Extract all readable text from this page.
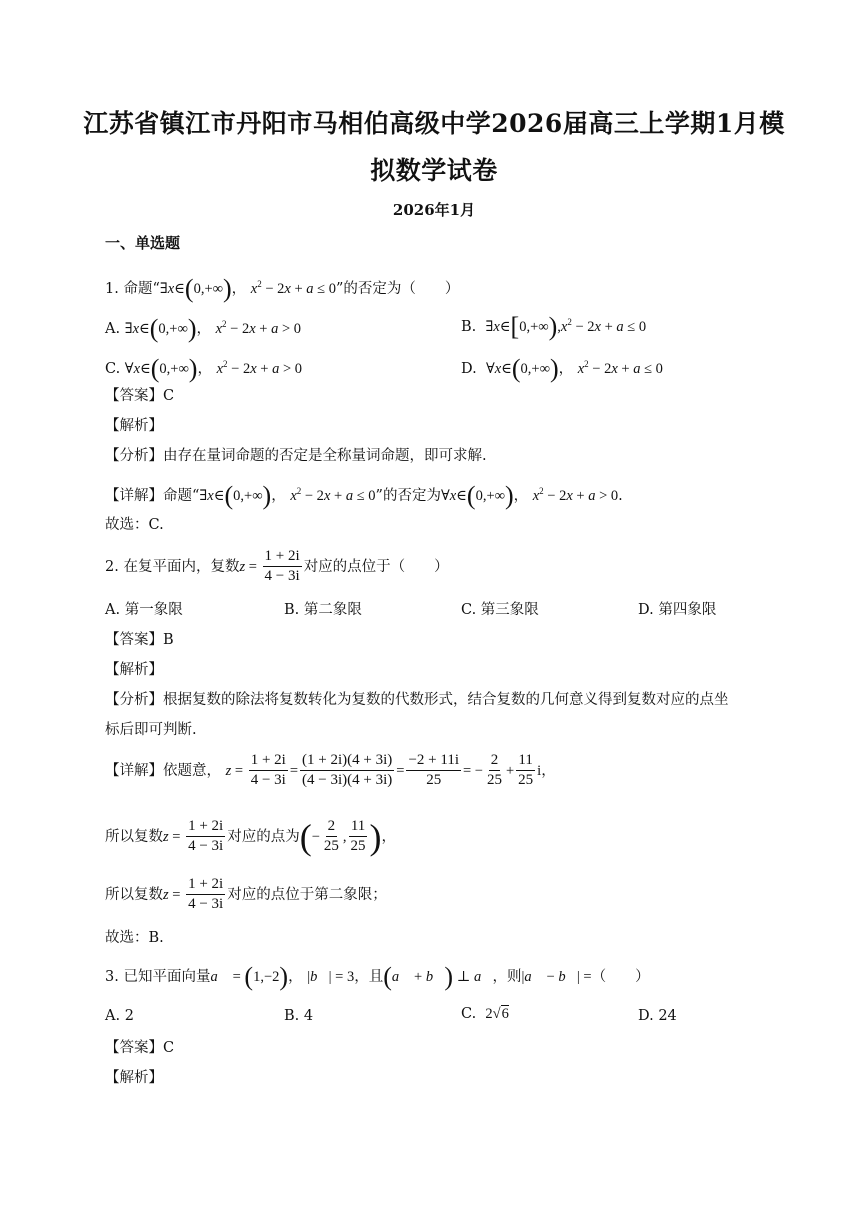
江苏省镇江市丹阳市马相伯高级中学2026届高三上学期1月模
拟数学试卷
2026年1月
一、单选题
1. 命题“∃x∈(0,+∞)， $x^2 - 2x + a \le 0$”的否定为（　　）
A. ∃x∈(0,+∞)， $x^2 - 2x + a > 0$	B. $\exists x\in[0,+\infty),x^2 - 2x + a \le 0$
C. ∀x∈(0,+∞)， $x^2 - 2x + a > 0$	D. ∀x∈(0,+∞)， $x^2 - 2x + a \le 0$
【答案】C
【解析】
【分析】由存在量词命题的否定是全称量词命题，即可求解.
【详解】命题“∃x∈(0,+∞)， $x^2 - 2x + a \le 0$”的否定为∀x∈(0,+∞)， $x^2 - 2x + a > 0$.
故选：C.
2. 在复平面内，复数$z = \frac{1 + 2i}{4 - 3i}$ 对应的点位于（　　）
A. 第一象限	B. 第二象限	C. 第三象限	D. 第四象限
【答案】B
【解析】
【分析】根据复数的除法将复数转化为复数的代数形式，结合复数的几何意义得到复数对应的点坐
标后即可判断.
【详解】依题意， $z = \frac{1 + 2i}{4 - 3i} = \frac{(1 + 2i)(4 + 3i)}{(4 - 3i)(4 + 3i)} = \frac{-2 + 11i}{25}$ = − $\frac{2}{25} + \frac{11}{25}$ i，
所以复数$z = \frac{1 + 2i}{4 - 3i}$ 对应的点为(− $\frac{2}{25}$ , $\frac{11}{25}$ )，
所以复数$z = \frac{1 + 2i}{4 - 3i}$ 对应的点位于第二象限；
故选：B.
3. 已知平面向量a⃗ = (1,−2)， |b⃗| = 3，且(a⃗ + b⃗) ⊥ a⃗，则|a⃗ − b⃗| =（　　）
A. 2	B. 4	C. 2√6	D. 24
【答案】C
【解析】
